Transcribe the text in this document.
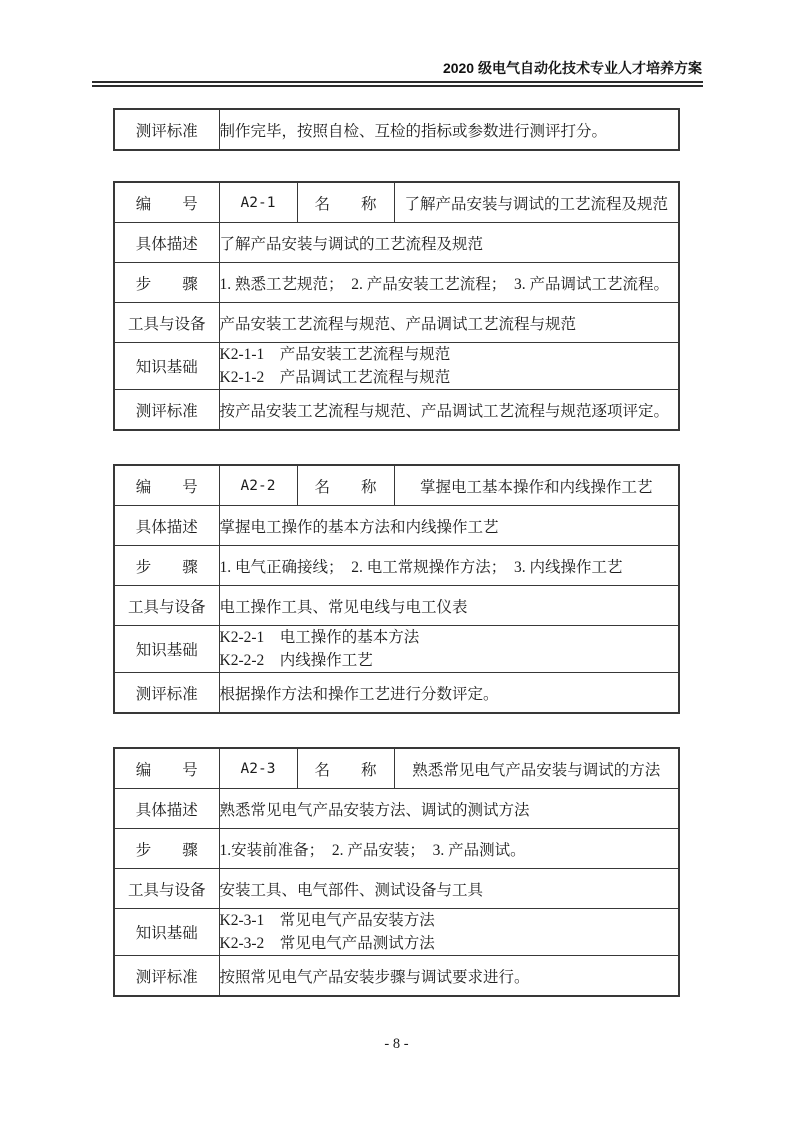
2020 级电气自动化技术专业人才培养方案
测评标准	制作完毕，按照自检、互检的指标或参数进行测评打分。
编　　号	A2-1	名　　称	了解产品安装与调试的工艺流程及规范
具体描述	了解产品安装与调试的工艺流程及规范		
步　　骤	1. 熟悉工艺规范；　2. 产品安装工艺流程；　3. 产品调试工艺流程。		
工具与设备	产品安装工艺流程与规范、产品调试工艺流程与规范		
知识基础	K2-1-1　产品安装工艺流程与规范
K2-1-2　产品调试工艺流程与规范		

测评标准	按产品安装工艺流程与规范、产品调试工艺流程与规范逐项评定。		
编　　号	A2-2	名　　称	掌握电工基本操作和内线操作工艺
具体描述	掌握电工操作的基本方法和内线操作工艺		
步　　骤	1. 电气正确接线；　2. 电工常规操作方法；　3. 内线操作工艺		
工具与设备	电工操作工具、常见电线与电工仪表		
知识基础	K2-2-1　电工操作的基本方法
K2-2-2　内线操作工艺		

测评标准	根据操作方法和操作工艺进行分数评定。		
编　　号	A2-3	名　　称	熟悉常见电气产品安装与调试的方法
具体描述	熟悉常见电气产品安装方法、调试的测试方法		
步　　骤	1.安装前准备；　2. 产品安装；　3. 产品测试。		
工具与设备	安装工具、电气部件、测试设备与工具		
知识基础	K2-3-1　常见电气产品安装方法
K2-3-2　常见电气产品测试方法		

测评标准	按照常见电气产品安装步骤与调试要求进行。		
- 8 -
